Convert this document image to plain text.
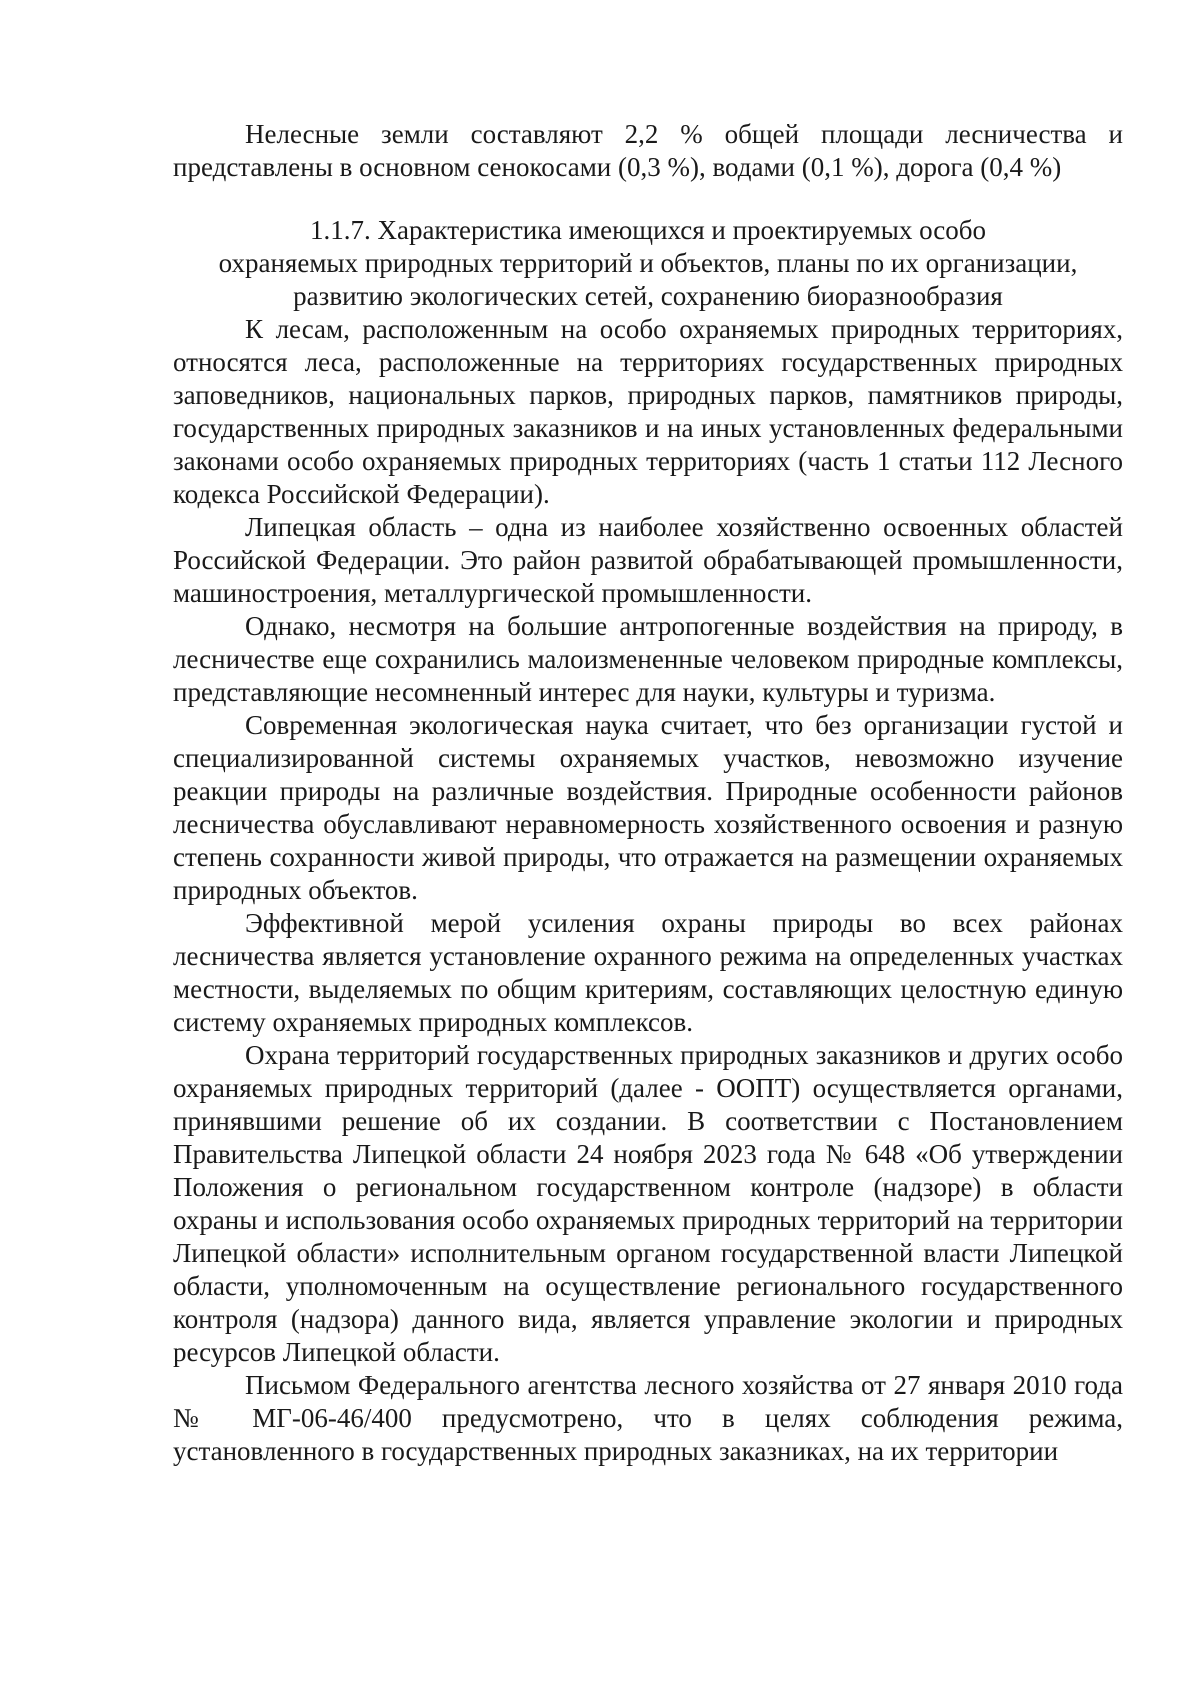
Нелесные земли составляют 2,2 % общей площади лесничества и представлены в основном сенокосами (0,3 %), водами (0,1 %), дорога (0,4 %)

1.1.7. Характеристика имеющихся и проектируемых особо
охраняемых природных территорий и объектов, планы по их организации,
развитию экологических сетей, сохранению биоразнообразия

К лесам, расположенным на особо охраняемых природных территориях, относятся леса, расположенные на территориях государственных природных заповедников, национальных парков, природных парков, памятников природы, государственных природных заказников и на иных установленных федеральными законами особо охраняемых природных территориях (часть 1 статьи 112 Лесного кодекса Российской Федерации).

Липецкая область – одна из наиболее хозяйственно освоенных областей Российской Федерации. Это район развитой обрабатывающей промышленности, машиностроения, металлургической промышленности.

Однако, несмотря на большие антропогенные воздействия на природу, в лесничестве еще сохранились малоизмененные человеком природные комплексы, представляющие несомненный интерес для науки, культуры и туризма.

Современная экологическая наука считает, что без организации густой и специализированной системы охраняемых участков, невозможно изучение реакции природы на различные воздействия. Природные особенности районов лесничества обуславливают неравномерность хозяйственного освоения и разную степень сохранности живой природы, что отражается на размещении охраняемых природных объектов.

Эффективной мерой усиления охраны природы во всех районах лесничества является установление охранного режима на определенных участках местности, выделяемых по общим критериям, составляющих целостную единую систему охраняемых природных комплексов.

Охрана территорий государственных природных заказников и других особо охраняемых природных территорий (далее - ООПТ) осуществляется органами, принявшими решение об их создании. В соответствии с Постановлением Правительства Липецкой области 24 ноября 2023 года № 648 «Об утверждении Положения о региональном государственном контроле (надзоре) в области охраны и использования особо охраняемых природных территорий на территории Липецкой области» исполнительным органом государственной власти Липецкой области, уполномоченным на осуществление регионального государственного контроля (надзора) данного вида, является управление экологии и природных ресурсов Липецкой области.

Письмом Федерального агентства лесного хозяйства от 27 января 2010 года № МГ-06-46/400 предусмотрено, что в целях соблюдения режима, установленного в государственных природных заказниках, на их территории
